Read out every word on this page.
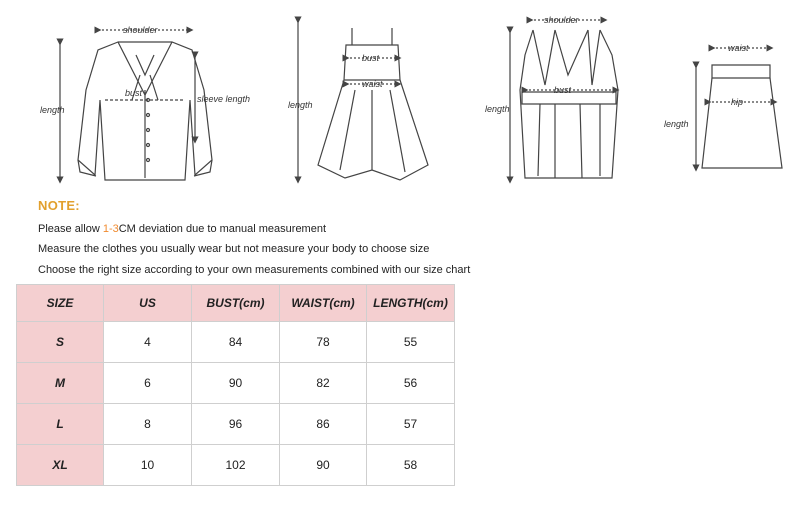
shoulder
bust
length
sleeve length
bust
waist
length
shoulder
bust
length
waist
hip
length
NOTE:
Please allow 1-3CM deviation due to manual measurement
Measure the clothes you usually wear but not measure your body to choose size
Choose the right size according to your own measurements combined with our size chart
SIZE	US	BUST(cm)	WAIST(cm)	LENGTH(cm)
S	4	84	78	55
M	6	90	82	56
L	8	96	86	57
XL	10	102	90	58
